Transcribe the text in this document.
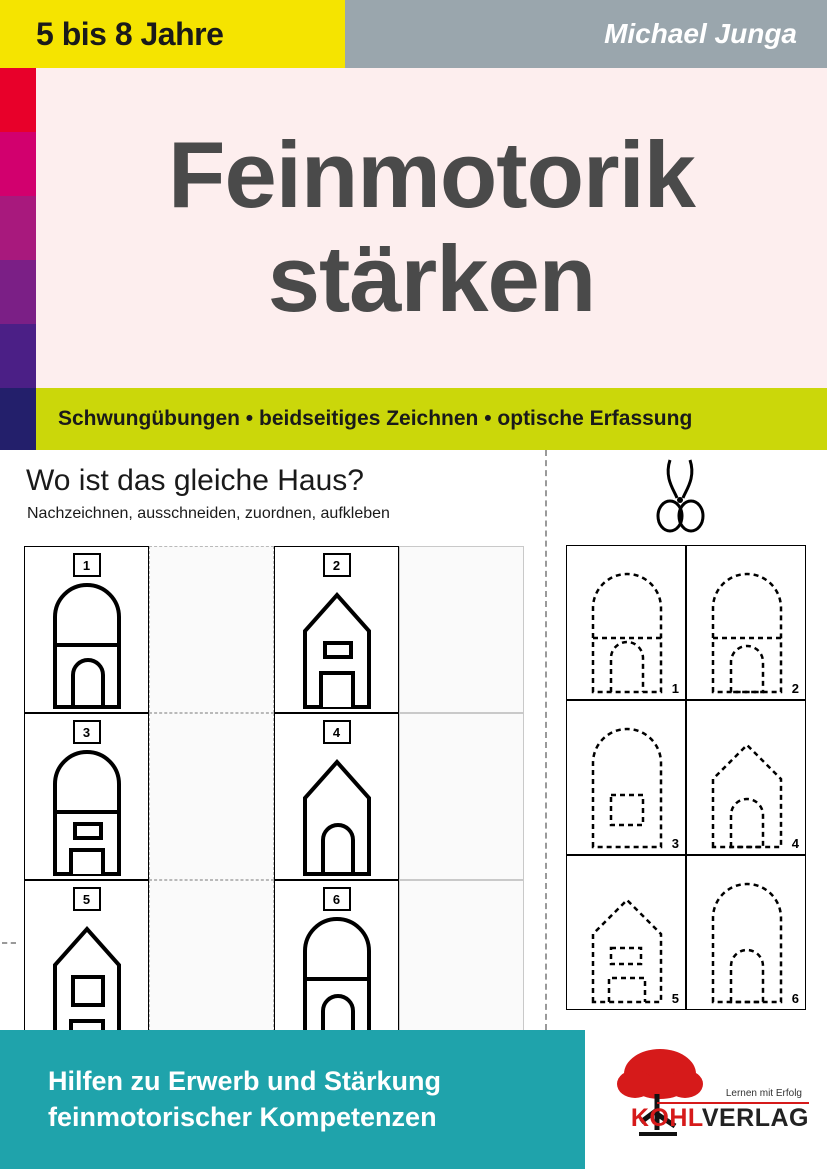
5 bis 8 Jahre	Michael Junga
Feinmotorik
stärken
Schwungübungen • beidseitiges Zeichnen • optische Erfassung
Wo ist das gleiche Haus?
Nachzeichnen, ausschneiden, zuordnen, aufkleben
1	2
3	4
5	6
1	2
3	4
5	6
Hilfen zu Erwerb und Stärkung
feinmotorischer Kompetenzen
Lernen mit Erfolg
KOHLVERLAG
